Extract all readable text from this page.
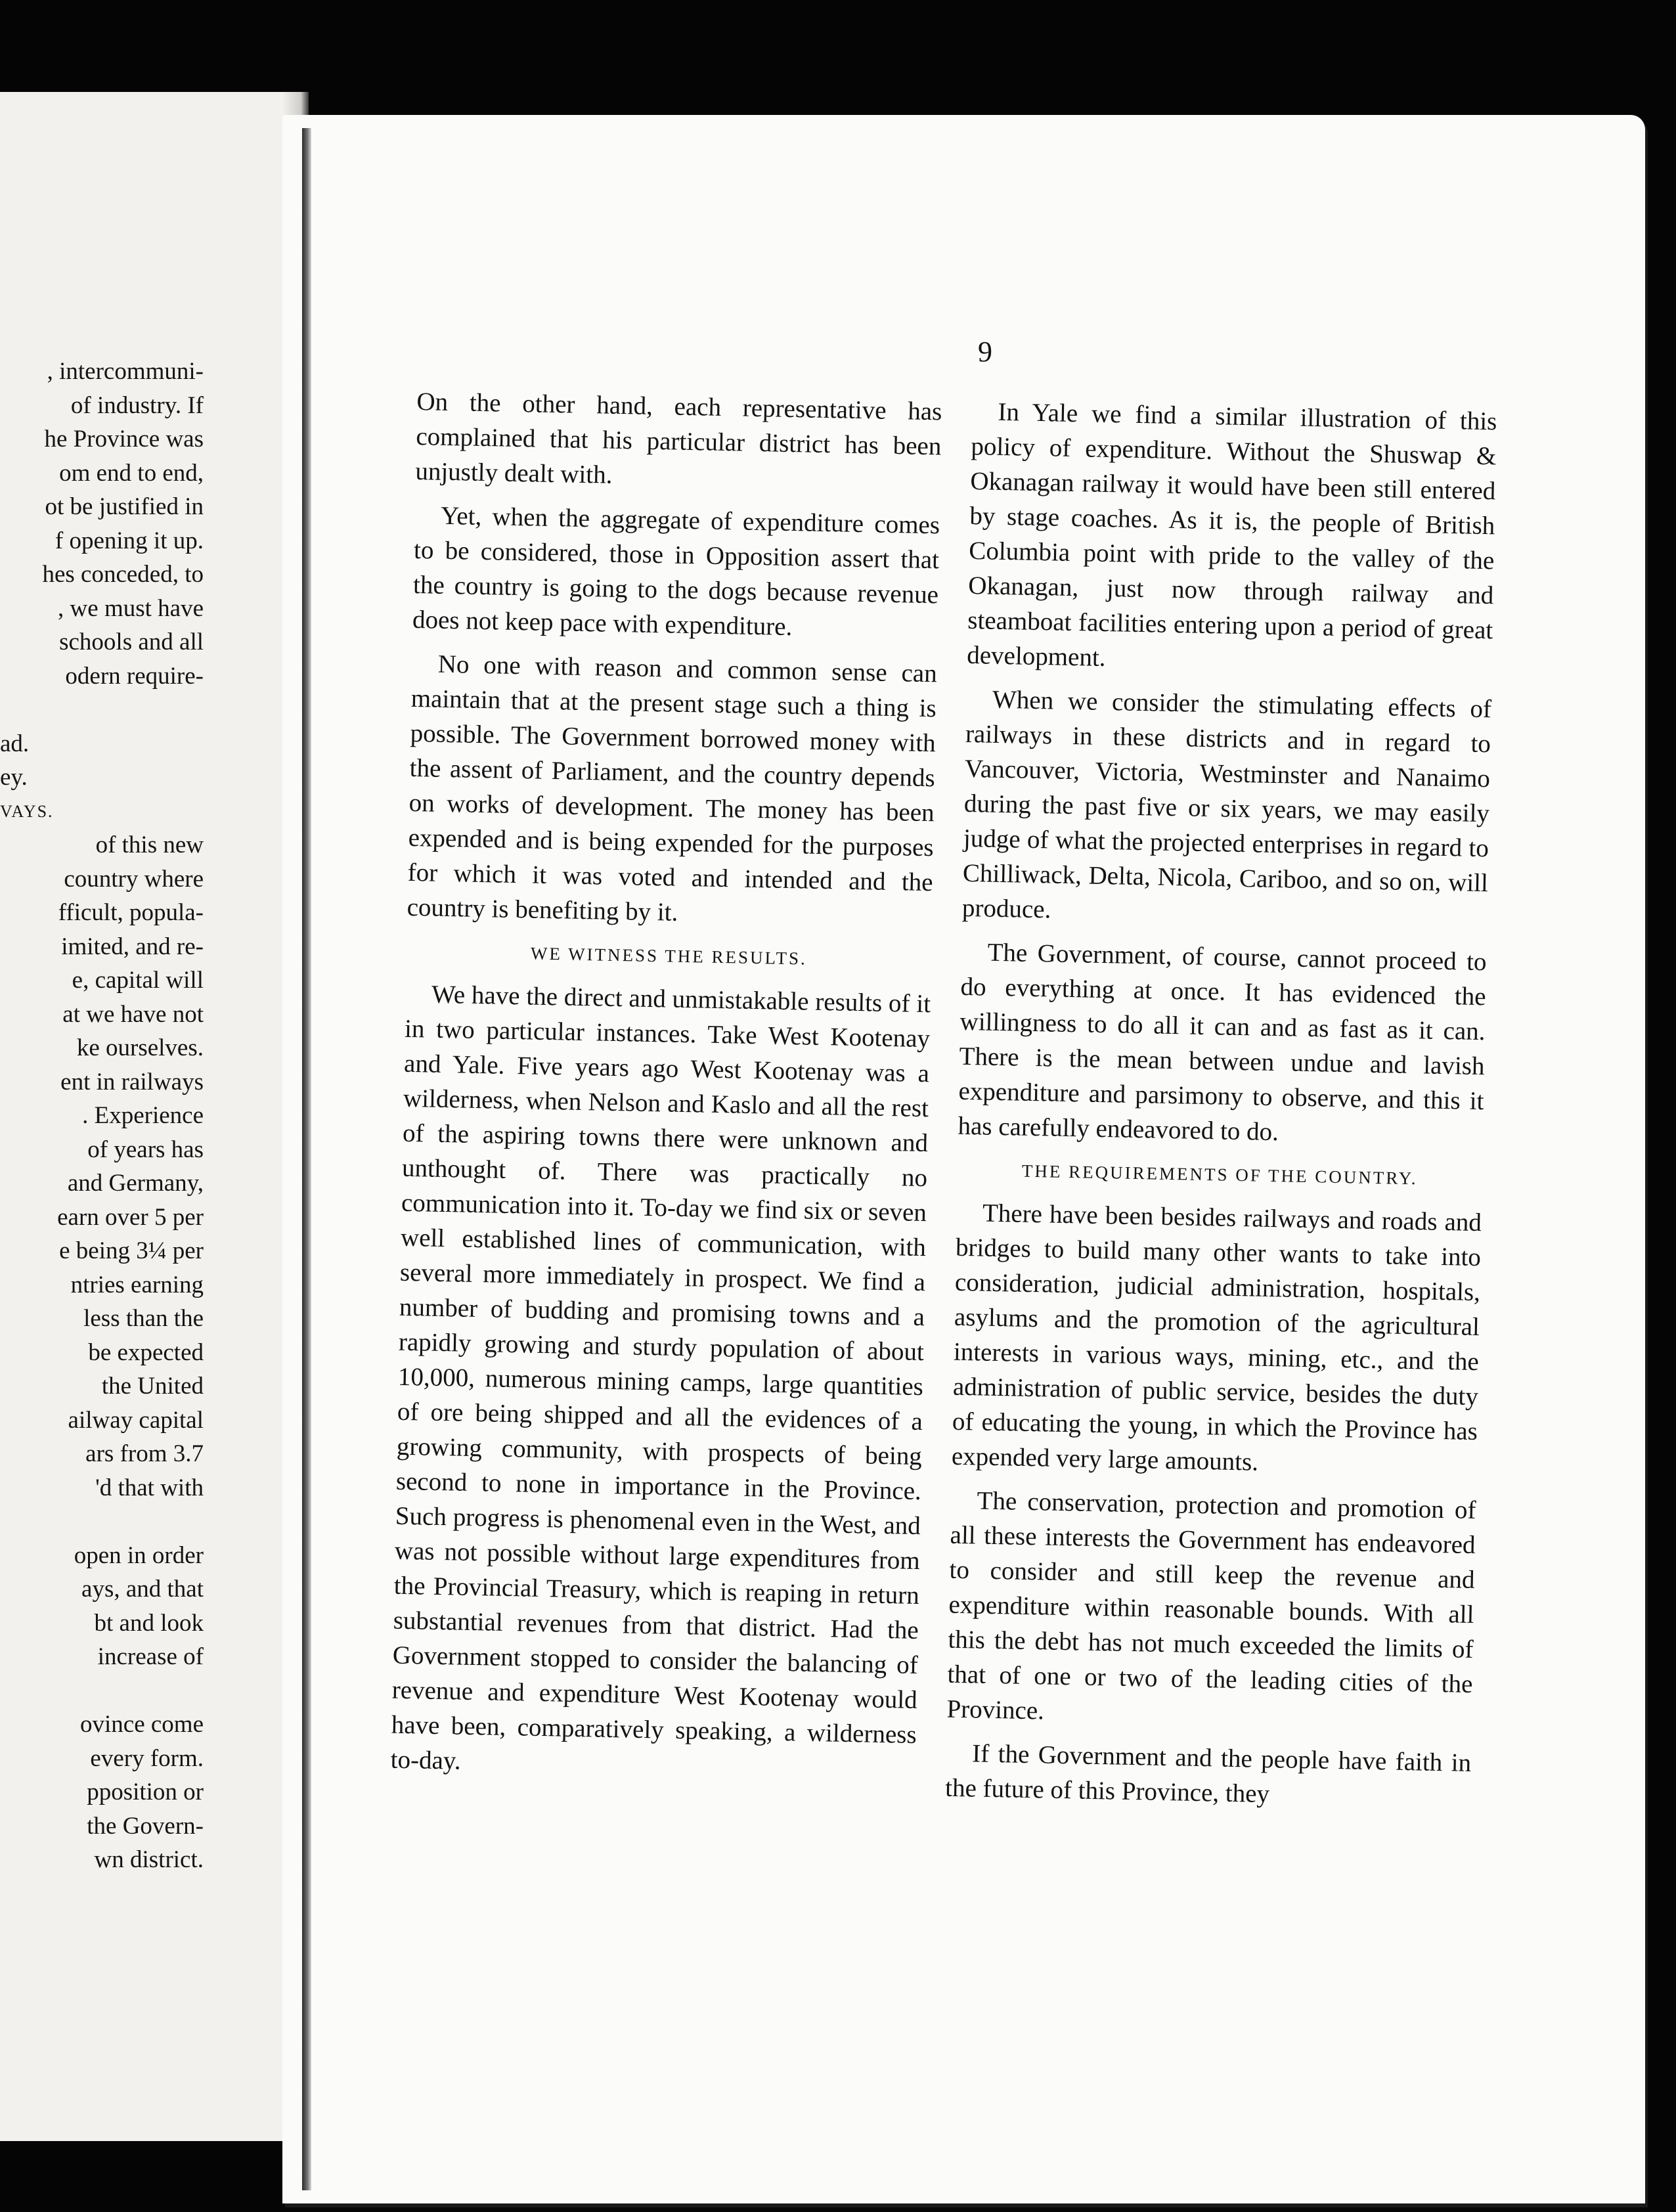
, intercommuni-
of industry. If
he Province was
om end to end,
ot be justified in
f opening it up.
hes conceded, to
, we must have
schools and all
odern require-
ad.
ey.
VAYS.
of this new
country where
fficult, popula-
imited, and re-
e, capital will
at we have not
ke ourselves.
ent in railways
. Experience
of years has
and Germany,
earn over 5 per
e being 3¼ per
ntries earning
less than the
be expected
the United
ailway capital
ars from 3.7
'd that with
open in order
ays, and that
bt and look
increase of
ovince come
every form.
pposition or
the Govern-
wn district.
9

On the other hand, each representative has complained that his particular district has been unjustly dealt with.

Yet, when the aggregate of expenditure comes to be considered, those in Opposition assert that the country is going to the dogs because revenue does not keep pace with expenditure.

No one with reason and common sense can maintain that at the present stage such a thing is possible. The Government borrowed money with the assent of Parliament, and the country depends on works of development. The money has been expended and is being expended for the purposes for which it was voted and intended and the country is benefiting by it.

WE WITNESS THE RESULTS.

We have the direct and unmistakable results of it in two particular instances. Take West Kootenay and Yale. Five years ago West Kootenay was a wilderness, when Nelson and Kaslo and all the rest of the aspiring towns there were unknown and unthought of. There was practically no communication into it. To-day we find six or seven well established lines of communication, with several more immediately in prospect. We find a number of budding and promising towns and a rapidly growing and sturdy population of about 10,000, numerous mining camps, large quantities of ore being shipped and all the evidences of a growing community, with prospects of being second to none in importance in the Province. Such progress is phenomenal even in the West, and was not possible without large expenditures from the Provincial Treasury, which is reaping in return substantial revenues from that district. Had the Government stopped to consider the balancing of revenue and expenditure West Kootenay would have been, comparatively speaking, a wilderness to-day.

In Yale we find a similar illustration of this policy of expenditure. Without the Shuswap & Okanagan railway it would have been still entered by stage coaches. As it is, the people of British Columbia point with pride to the valley of the Okanagan, just now through railway and steamboat facilities entering upon a period of great development.

When we consider the stimulating effects of railways in these districts and in regard to Vancouver, Victoria, Westminster and Nanaimo during the past five or six years, we may easily judge of what the projected enterprises in regard to Chilliwack, Delta, Nicola, Cariboo, and so on, will produce.

The Government, of course, cannot proceed to do everything at once. It has evidenced the willingness to do all it can and as fast as it can. There is the mean between undue and lavish expenditure and parsimony to observe, and this it has carefully endeavored to do.

THE REQUIREMENTS OF THE COUNTRY.

There have been besides railways and roads and bridges to build many other wants to take into consideration, judicial administration, hospitals, asylums and the promotion of the agricultural interests in various ways, mining, etc., and the administration of public service, besides the duty of educating the young, in which the Province has expended very large amounts.

The conservation, protection and promotion of all these interests the Government has endeavored to consider and still keep the revenue and expenditure within reasonable bounds. With all this the debt has not much exceeded the limits of that of one or two of the leading cities of the Province.

If the Government and the people have faith in the future of this Province, they
